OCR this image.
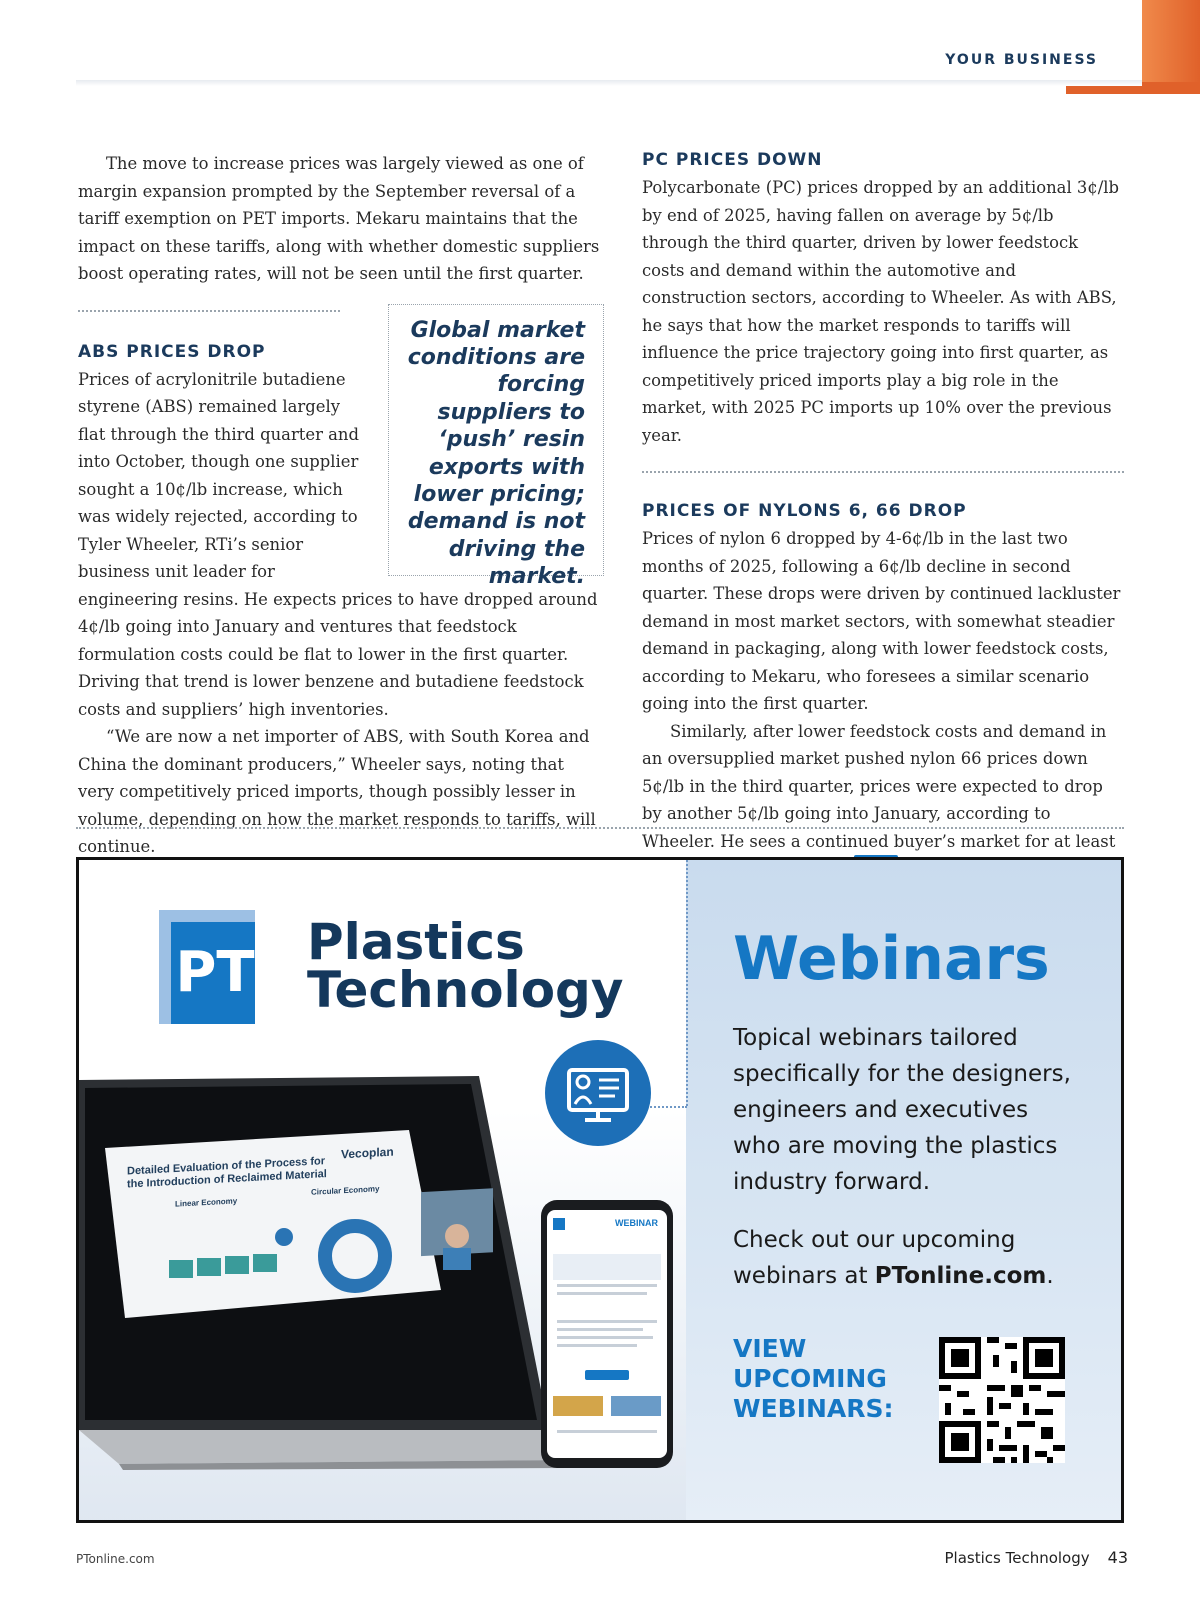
YOUR BUSINESS

The move to increase prices was largely viewed as one of margin expansion prompted by the September reversal of a tariff exemption on PET imports. Mekaru maintains that the impact on these tariffs, along with whether domestic suppliers boost operating rates, will not be seen until the first quarter.

Global market conditions are forcing suppliers to ‘push’ resin exports with lower pricing; demand is not driving the market.
ABS PRICES DROP

Prices of acrylonitrile butadiene styrene (ABS) remained largely flat through the third quarter and into October, though one supplier sought a 10¢/lb increase, which was widely rejected, according to Tyler Wheeler, RTi’s senior business unit leader for engineering resins. He expects prices to have dropped around 4¢/lb going into January and ventures that feedstock formulation costs could be flat to lower in the first quarter. Driving that trend is lower benzene and butadiene feedstock costs and suppliers’ high inventories.

“We are now a net importer of ABS, with South Korea and China the dominant producers,” Wheeler says, noting that very competitively priced imports, though possibly lesser in volume, depending on how the market responds to tariffs, will continue.

PC PRICES DOWN

Polycarbonate (PC) prices dropped by an additional 3¢/lb by end of 2025, having fallen on average by 5¢/lb through the third quarter, driven by lower feedstock costs and demand within the automotive and construction sectors, according to Wheeler. As with ABS, he says that how the market responds to tariffs will influence the price trajectory going into first quarter, as competitively priced imports play a big role in the market, with 2025 PC imports up 10% over the previous year.

PRICES OF NYLONS 6, 66 DROP

Prices of nylon 6 dropped by 4-6¢/lb in the last two months of 2025, following a 6¢/lb decline in second quarter. These drops were driven by continued lackluster demand in most market sectors, with somewhat steadier demand in packaging, along with lower feedstock costs, according to Mekaru, who foresees a similar scenario going into the first quarter.

Similarly, after lower feedstock costs and demand in an oversupplied market pushed nylon 66 prices down 5¢/lb in the third quarter, prices were expected to drop by another 5¢/lb going into January, according to Wheeler. He sees a continued buyer’s market for at least

PT Plastics
Technology
Detailed Evaluation of the Process for the Introduction of Reclaimed Material
Vecoplan
Linear Economy
Circular Economy
WEBINAR
Webinars
Topical webinars tailored specifically for the designers, engineers and executives who are moving the plastics industry forward.
Check out our upcoming webinars at PTonline.com.
VIEW UPCOMING WEBINARS:
PTonline.com	Plastics Technology 43
